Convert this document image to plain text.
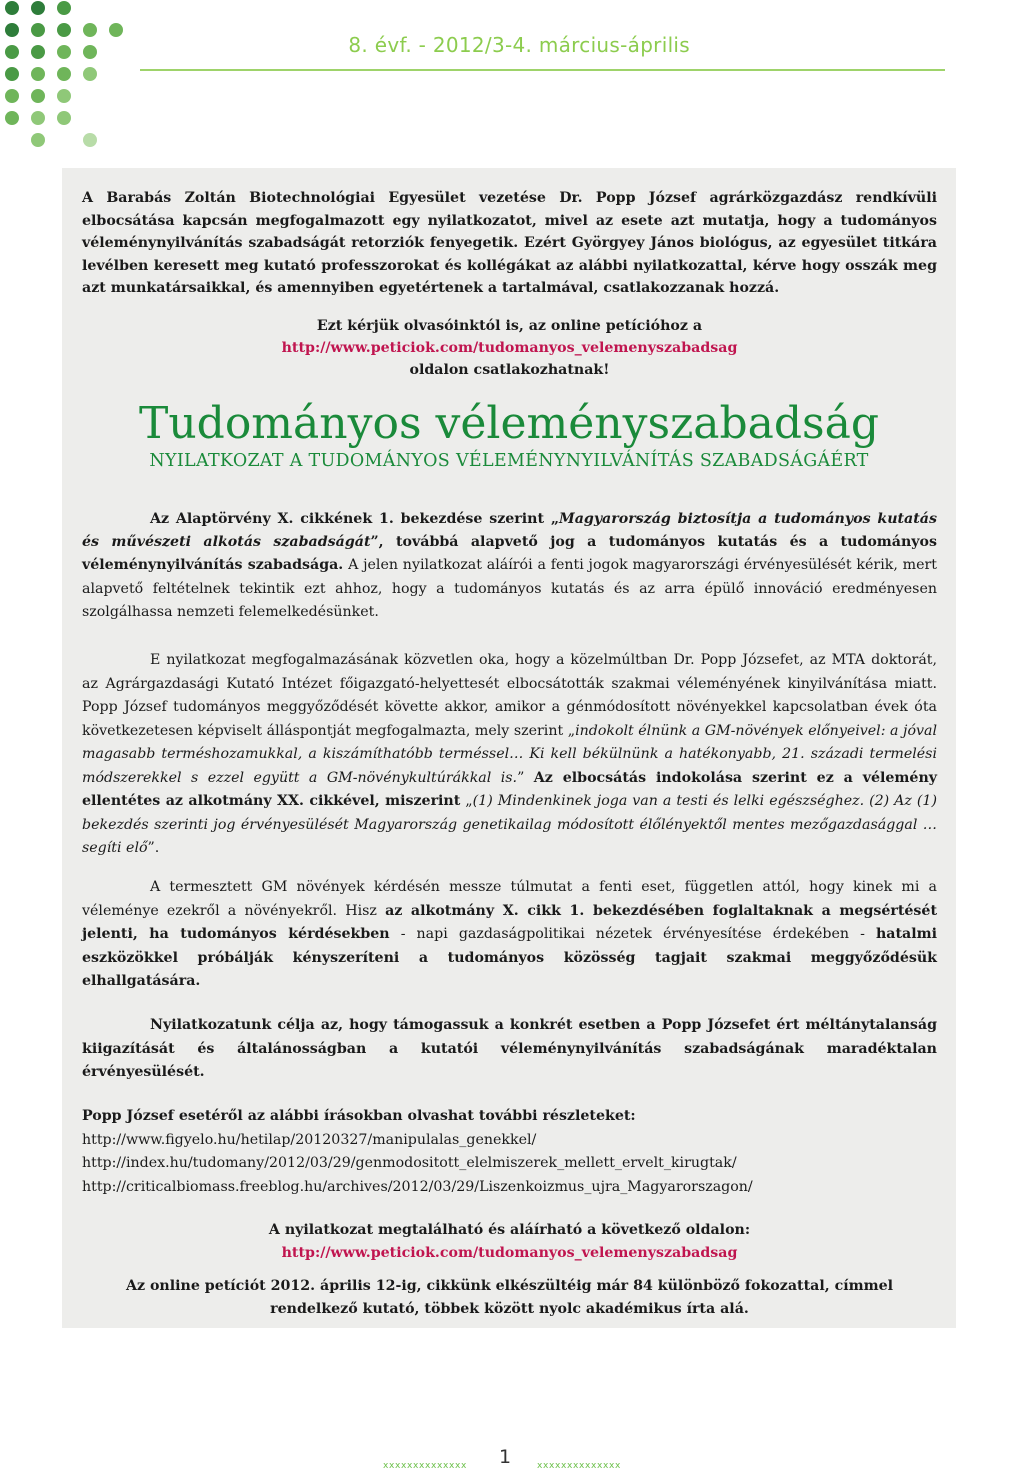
8. évf. - 2012/3-4. március-április

A Barabás Zoltán Biotechnológiai Egyesület vezetése Dr. Popp József agrárközgazdász rendkívüli elbocsátása kapcsán megfogalmazott egy nyilatkozatot, mivel az esete azt mutatja, hogy a tudományos véleménynyilvánítás szabadságát retorziók fenyegetik. Ezért Györgyey János biológus, az egyesület titkára levélben keresett meg kutató professzorokat és kollégákat az alábbi nyilatkozattal, kérve hogy osszák meg azt munkatársaikkal, és amennyiben egyetértenek a tartalmával, csatlakozzanak hozzá.

Ezt kérjük olvasóinktól is, az online petícióhoz a
http://www.peticiok.com/tudomanyos_velemenyszabadsag
oldalon csatlakozhatnak!
Tudományos véleményszabadság
NYILATKOZAT A TUDOMÁNYOS VÉLEMÉNYNYILVÁNÍTÁS SZABADSÁGÁÉRT

Az Alaptörvény X. cikkének 1. bekezdése szerint „Magyarország biztosítja a tudományos kutatás és művészeti alkotás szabadságát”, továbbá alapvető jog a tudományos kutatás és a tudományos véleménynyilvánítás szabadsága. A jelen nyilatkozat aláírói a fenti jogok magyarországi érvényesülését kérik, mert alapvető feltételnek tekintik ezt ahhoz, hogy a tudományos kutatás és az arra épülő innováció eredményesen szolgálhassa nemzeti felemelkedésünket.

E nyilatkozat megfogalmazásának közvetlen oka, hogy a közelmúltban Dr. Popp Józsefet, az MTA doktorát, az Agrárgazdasági Kutató Intézet főigazgató-helyettesét elbocsátották szakmai véleményének kinyilvánítása miatt. Popp József tudományos meggyőződését követte akkor, amikor a génmódosított növényekkel kapcsolatban évek óta következetesen képviselt álláspontját megfogalmazta, mely szerint „indokolt élnünk a GM-növények előnyeivel: a jóval magasabb terméshozamukkal, a kiszámíthatóbb terméssel… Ki kell békülnünk a hatékonyabb, 21. századi termelési módszerekkel s ezzel együtt a GM-növénykultúrákkal is.” Az elbocsátás indokolása szerint ez a vélemény ellentétes az alkotmány XX. cikkével, miszerint „(1) Mindenkinek joga van a testi és lelki egészséghez. (2) Az (1) bekezdés szerinti jog érvényesülését Magyarország genetikailag módosított élőlényektől mentes mezőgazdasággal … segíti elő”.

A termesztett GM növények kérdésén messze túlmutat a fenti eset, független attól, hogy kinek mi a véleménye ezekről a növényekről. Hisz az alkotmány X. cikk 1. bekezdésében foglaltaknak a megsértését jelenti, ha tudományos kérdésekben - napi gazdaságpolitikai nézetek érvényesítése érdekében - hatalmi eszközökkel próbálják kényszeríteni a tudományos közösség tagjait szakmai meggyőződésük elhallgatására.

Nyilatkozatunk célja az, hogy támogassuk a konkrét esetben a Popp Józsefet ért méltánytalanság kiigazítását és általánosságban a kutatói véleménynyilvánítás szabadságának maradéktalan érvényesülését.

Popp József esetéről az alábbi írásokban olvashat további részleteket:
http://www.figyelo.hu/hetilap/20120327/manipulalas_genekkel/
http://index.hu/tudomany/2012/03/29/genmodositott_elelmiszerek_mellett_ervelt_kirugtak/
http://criticalbiomass.freeblog.hu/archives/2012/03/29/Liszenkoizmus_ujra_Magyarorszagon/
A nyilatkozat megtalálható és aláírható a következő oldalon:
http://www.peticiok.com/tudomanyos_velemenyszabadsag
Az online petíciót 2012. április 12-ig, cikkünk elkészültéig már 84 különböző fokozattal, címmel rendelkező kutató, többek között nyolc akadémikus írta alá.
x x x x x x x x x x x x x x	1	x x x x x x x x x x x x x x
